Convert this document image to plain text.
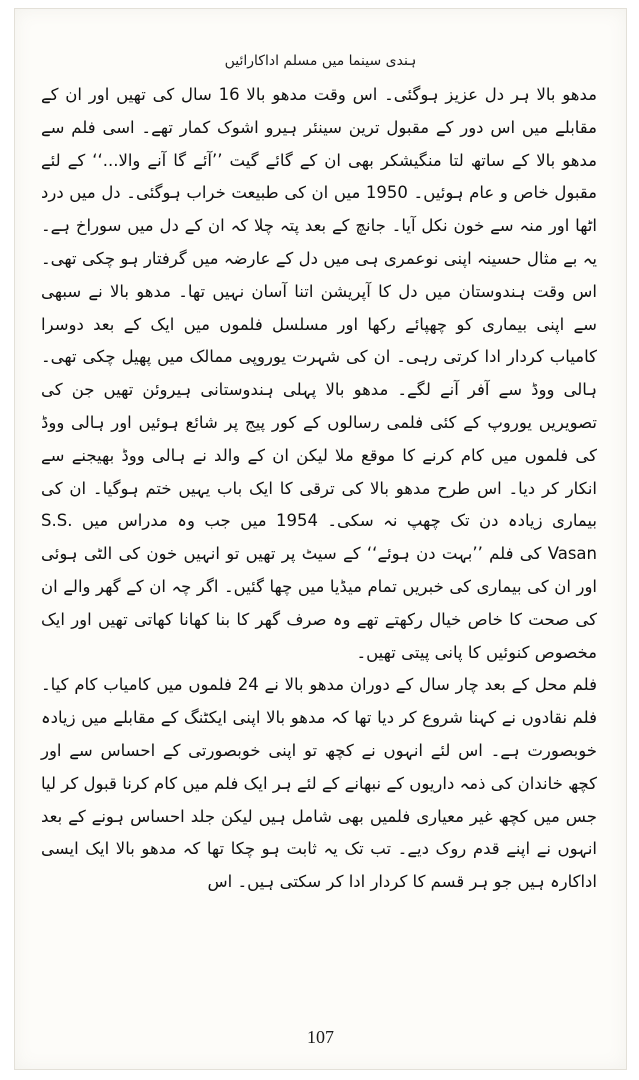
ہندی سینما میں مسلم اداکارائیں

مدھو بالا ہر دل عزیز ہوگئی۔ اس وقت مدھو بالا 16 سال کی تھیں اور ان کے مقابلے میں اس دور کے مقبول ترین سینئر ہیرو اشوک کمار تھے۔ اسی فلم سے مدھو بالا کے ساتھ لتا منگیشکر بھی ان کے گائے گیت ’’آئے گا آنے والا...‘‘ کے لئے مقبول خاص و عام ہوئیں۔ 1950 میں ان کی طبیعت خراب ہوگئی۔ دل میں درد اٹھا اور منہ سے خون نکل آیا۔ جانچ کے بعد پتہ چلا کہ ان کے دل میں سوراخ ہے۔ یہ بے مثال حسینہ اپنی نوعمری ہی میں دل کے عارضہ میں گرفتار ہو چکی تھی۔ اس وقت ہندوستان میں دل کا آپریشن اتنا آسان نہیں تھا۔ مدھو بالا نے سبھی سے اپنی بیماری کو چھپائے رکھا اور مسلسل فلموں میں ایک کے بعد دوسرا کامیاب کردار ادا کرتی رہی۔ ان کی شہرت یوروپی ممالک میں پھیل چکی تھی۔ ہالی ووڈ سے آفر آنے لگے۔ مدھو بالا پہلی ہندوستانی ہیروئن تھیں جن کی تصویریں یوروپ کے کئی فلمی رسالوں کے کور پیج پر شائع ہوئیں اور ہالی ووڈ کی فلموں میں کام کرنے کا موقع ملا لیکن ان کے والد نے ہالی ووڈ بھیجنے سے انکار کر دیا۔ اس طرح مدھو بالا کی ترقی کا ایک باب یہیں ختم ہوگیا۔ ان کی بیماری زیادہ دن تک چھپ نہ سکی۔ 1954 میں جب وہ مدراس میں S.S. Vasan کی فلم ’’بہت دن ہوئے‘‘ کے سیٹ پر تھیں تو انہیں خون کی الٹی ہوئی اور ان کی بیماری کی خبریں تمام میڈیا میں چھا گئیں۔ اگر چہ ان کے گھر والے ان کی صحت کا خاص خیال رکھتے تھے وہ صرف گھر کا بنا کھانا کھاتی تھیں اور ایک مخصوص کنوئیں کا پانی پیتی تھیں۔

فلم محل کے بعد چار سال کے دوران مدھو بالا نے 24 فلموں میں کامیاب کام کیا۔ فلم نقادوں نے کہنا شروع کر دیا تھا کہ مدھو بالا اپنی ایکٹنگ کے مقابلے میں زیادہ خوبصورت ہے۔ اس لئے انہوں نے کچھ تو اپنی خوبصورتی کے احساس سے اور کچھ خاندان کی ذمہ داریوں کے نبھانے کے لئے ہر ایک فلم میں کام کرنا قبول کر لیا جس میں کچھ غیر معیاری فلمیں بھی شامل ہیں لیکن جلد احساس ہونے کے بعد انہوں نے اپنے قدم روک دیے۔ تب تک یہ ثابت ہو چکا تھا کہ مدھو بالا ایک ایسی اداکارہ ہیں جو ہر قسم کا کردار ادا کر سکتی ہیں۔ اس

107
